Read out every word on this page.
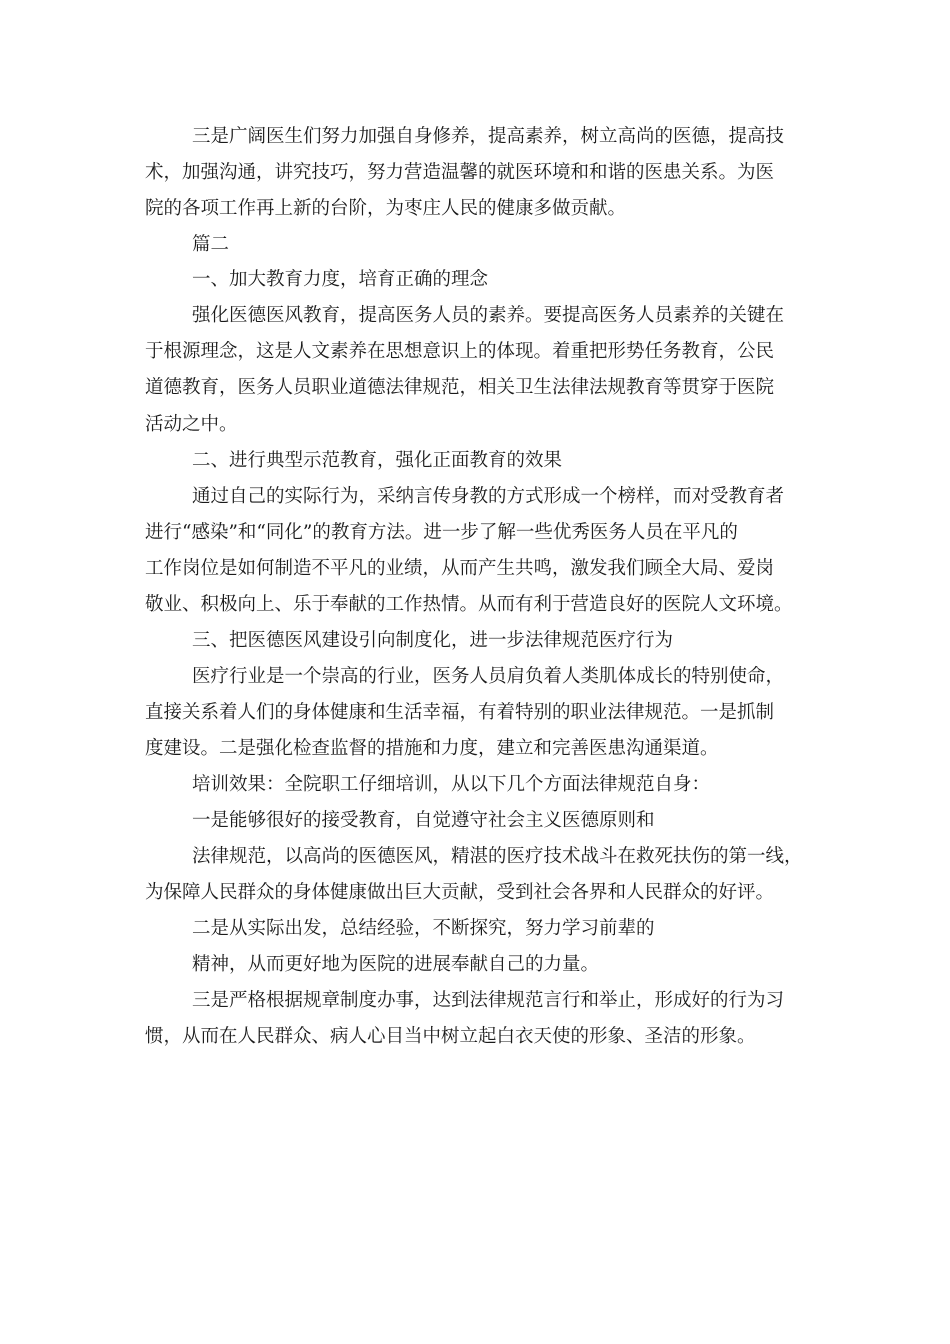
三是广阔医生们努力加强自身修养，提高素养，树立高尚的医德，提高技
术，加强沟通，讲究技巧，努力营造温馨的就医环境和和谐的医患关系。为医
院的各项工作再上新的台阶，为枣庄人民的健康多做贡献。
篇二
一、加大教育力度，培育正确的理念
强化医德医风教育，提高医务人员的素养。要提高医务人员素养的关键在
于根源理念，这是人文素养在思想意识上的体现。着重把形势任务教育，公民
道德教育，医务人员职业道德法律规范，相关卫生法律法规教育等贯穿于医院
活动之中。
二、进行典型示范教育，强化正面教育的效果
通过自己的实际行为，采纳言传身教的方式形成一个榜样，而对受教育者
进行“感染”和“同化”的教育方法。进一步了解一些优秀医务人员在平凡的
工作岗位是如何制造不平凡的业绩，从而产生共鸣，激发我们顾全大局、爱岗
敬业、积极向上、乐于奉献的工作热情。从而有利于营造良好的医院人文环境。
三、把医德医风建设引向制度化，进一步法律规范医疗行为
医疗行业是一个崇高的行业，医务人员肩负着人类肌体成长的特别使命，
直接关系着人们的身体健康和生活幸福，有着特别的职业法律规范。一是抓制
度建设。二是强化检查监督的措施和力度，建立和完善医患沟通渠道。
培训效果：全院职工仔细培训，从以下几个方面法律规范自身：
一是能够很好的接受教育，自觉遵守社会主义医德原则和
法律规范，以高尚的医德医风，精湛的医疗技术战斗在救死扶伤的第一线，
为保障人民群众的身体健康做出巨大贡献，受到社会各界和人民群众的好评。
二是从实际出发，总结经验，不断探究，努力学习前辈的
精神，从而更好地为医院的进展奉献自己的力量。
三是严格根据规章制度办事，达到法律规范言行和举止，形成好的行为习
惯，从而在人民群众、病人心目当中树立起白衣天使的形象、圣洁的形象。
